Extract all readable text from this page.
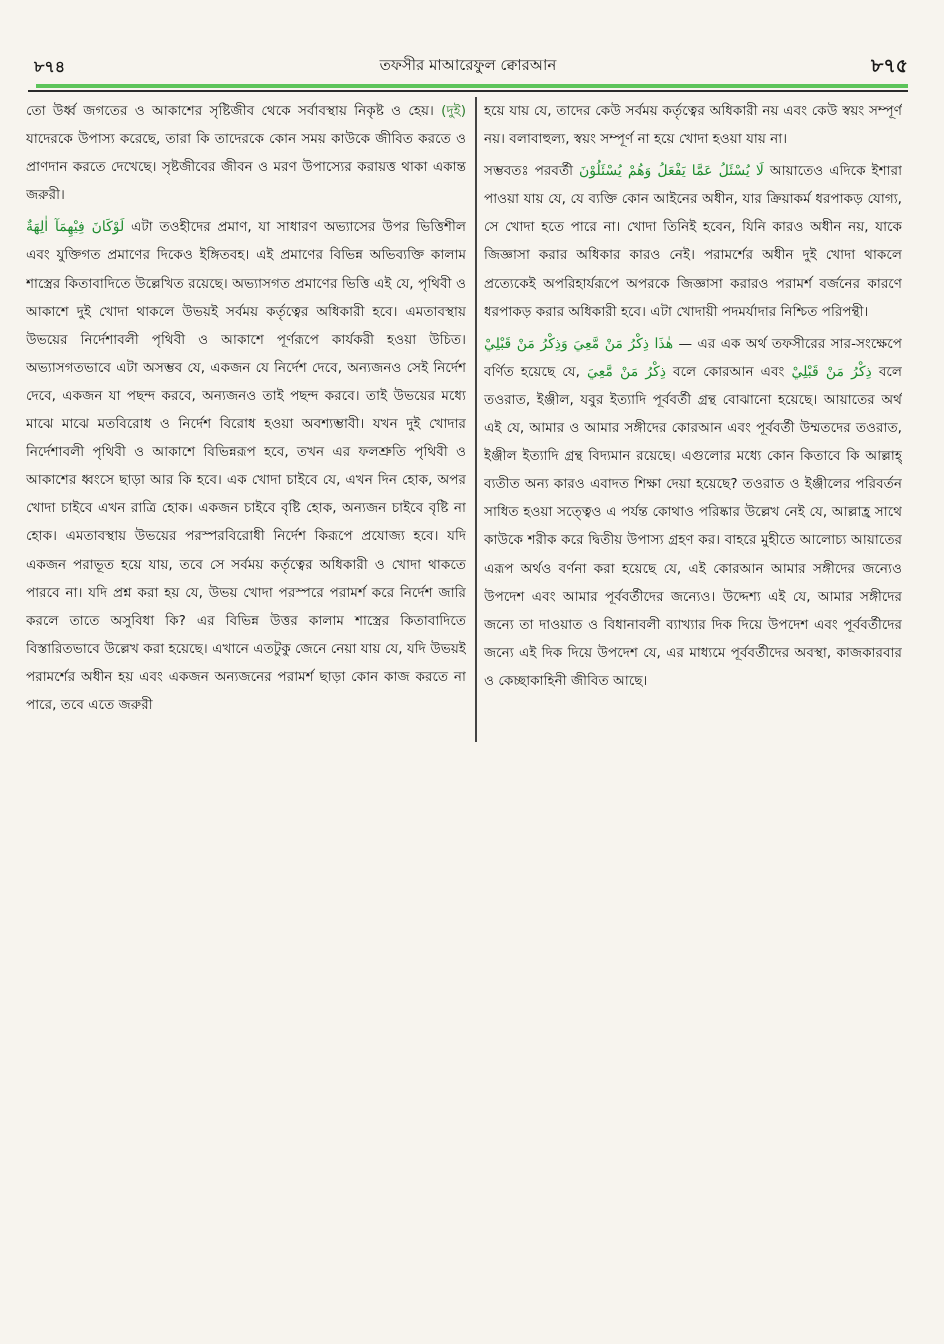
৮৭৪	তফসীর মাআরেফুল ক্বোরআন	৮৭৫

তো উর্ধ্ব জগতের ও আকাশের সৃষ্টিজীব থেকে সর্বাবস্থায় নিকৃষ্ট ও হেয়। (দুই) যাদেরকে উপাস্য করেছে, তারা কি তাদেরকে কোন সময় কাউকে জীবিত করতে ও প্রাণদান করতে দেখেছে। সৃষ্টজীবের জীবন ও মরণ উপাস্যের করায়ত্ত থাকা একান্ত জরুরী।

لَوْكَانَ فِيْهِمَآ اٰلِهَةٌ এটা তওহীদের প্রমাণ, যা সাধারণ অভ্যাসের উপর ভিত্তিশীল এবং যুক্তিগত প্রমাণের দিকেও ইঙ্গিতবহ। এই প্রমাণের বিভিন্ন অভিব্যক্তি কালাম শাস্ত্রের কিতাবাদিতে উল্লেখিত রয়েছে। অভ্যাসগত প্রমাণের ভিত্তি এই যে, পৃথিবী ও আকাশে দুই খোদা থাকলে উভয়ই সর্বময় কর্তৃত্বের অধিকারী হবে। এমতাবস্থায় উভয়ের নির্দেশাবলী পৃথিবী ও আকাশে পূর্ণরূপে কার্যকরী হওয়া উচিত। অভ্যাসগতভাবে এটা অসম্ভব যে, একজন যে নির্দেশ দেবে, অন্যজনও সেই নির্দেশ দেবে, একজন যা পছন্দ করবে, অন্যজনও তাই পছন্দ করবে। তাই উভয়ের মধ্যে মাঝে মাঝে মতবিরোধ ও নির্দেশ বিরোধ হওয়া অবশ্যম্ভাবী। যখন দুই খোদার নির্দেশাবলী পৃথিবী ও আকাশে বিভিন্নরূপ হবে, তখন এর ফলশ্রুতি পৃথিবী ও আকাশের ধ্বংসে ছাড়া আর কি হবে। এক খোদা চাইবে যে, এখন দিন হোক, অপর খোদা চাইবে এখন রাত্রি হোক। একজন চাইবে বৃষ্টি হোক, অন্যজন চাইবে বৃষ্টি না হোক। এমতাবস্থায় উভয়ের পরস্পরবিরোধী নির্দেশ কিরূপে প্রযোজ্য হবে। যদি একজন পরাভূত হয়ে যায়, তবে সে সর্বময় কর্তৃত্বের অধিকারী ও খোদা থাকতে পারবে না। যদি প্রশ্ন করা হয় যে, উভয় খোদা পরস্পরে পরামর্শ করে নির্দেশ জারি করলে তাতে অসুবিধা কি? এর বিভিন্ন উত্তর কালাম শাস্ত্রের কিতাবাদিতে বিস্তারিতভাবে উল্লেখ করা হয়েছে। এখানে এতটুকু জেনে নেয়া যায় যে, যদি উভয়ই পরামর্শের অধীন হয় এবং একজন অন্যজনের পরামর্শ ছাড়া কোন কাজ করতে না পারে, তবে এতে জরুরী

হয়ে যায় যে, তাদের কেউ সর্বময় কর্তৃত্বের অধিকারী নয় এবং কেউ স্বয়ং সম্পূর্ণ নয়। বলাবাহুল্য, স্বয়ং সম্পূর্ণ না হয়ে খোদা হওয়া যায় না।

সম্ভবতঃ পরবর্তী لَا يُسْئَلُ عَمَّا يَفْعَلُ وَهُمْ يُسْئَلُوْنَ আয়াতেও এদিকে ইশারা পাওয়া যায় যে, যে ব্যক্তি কোন আইনের অধীন, যার ক্রিয়াকর্ম ধরপাকড় যোগ্য, সে খোদা হতে পারে না। খোদা তিনিই হবেন, যিনি কারও অধীন নয়, যাকে জিজ্ঞাসা করার অধিকার কারও নেই। পরামর্শের অধীন দুই খোদা থাকলে প্রত্যেকেই অপরিহার্যরূপে অপরকে জিজ্ঞাসা করারও পরামর্শ বর্জনের কারণে ধরপাকড় করার অধিকারী হবে। এটা খোদায়ী পদমর্যাদার নিশ্চিত পরিপন্থী।

هٰذَا ذِكْرُ مَنْ مَّعِيَ وَذِكْرُ مَنْ قَبْلِيْ — এর এক অর্থ তফসীরের সার-সংক্ষেপে বর্ণিত হয়েছে যে, ذِكْرُ مَنْ مَّعِيَ বলে কোরআন এবং ذِكْرُ مَنْ قَبْلِيْ বলে তওরাত, ইঞ্জীল, যবুর ইত্যাদি পূর্ববর্তী গ্রন্থ বোঝানো হয়েছে। আয়াতের অর্থ এই যে, আমার ও আমার সঙ্গীদের কোরআন এবং পূর্ববর্তী উম্মতদের তওরাত, ইঞ্জীল ইত্যাদি গ্রন্থ বিদ্যমান রয়েছে। এগুলোর মধ্যে কোন কিতাবে কি আল্লাহ্ ব্যতীত অন্য কারও এবাদত শিক্ষা দেয়া হয়েছে? তওরাত ও ইঞ্জীলের পরিবর্তন সাধিত হওয়া সত্ত্বেও এ পর্যন্ত কোথাও পরিষ্কার উল্লেখ নেই যে, আল্লাহ্র সাথে কাউকে শরীক করে দ্বিতীয় উপাস্য গ্রহণ কর। বাহরে মুহীতে আলোচ্য আয়াতের এরূপ অর্থও বর্ণনা করা হয়েছে যে, এই কোরআন আমার সঙ্গীদের জন্যেও উপদেশ এবং আমার পূর্ববর্তীদের জন্যেও। উদ্দেশ্য এই যে, আমার সঙ্গীদের জন্যে তা দাওয়াত ও বিধানাবলী ব্যাখ্যার দিক দিয়ে উপদেশ এবং পূর্ববর্তীদের জন্যে এই দিক দিয়ে উপদেশ যে, এর মাধ্যমে পূর্ববর্তীদের অবস্থা, কাজকারবার ও কেচ্ছাকাহিনী জীবিত আছে।
